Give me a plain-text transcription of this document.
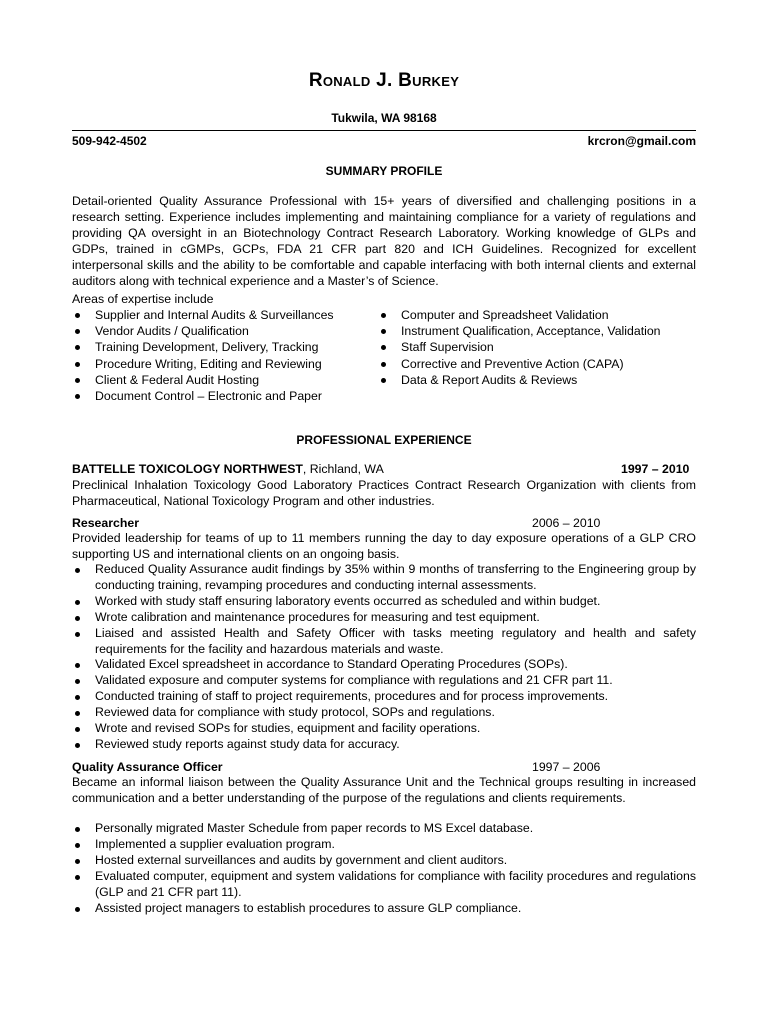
Ronald J. Burkey
Tukwila, WA 98168
509-942-4502	krcron@gmail.com
SUMMARY PROFILE
Detail-oriented Quality Assurance Professional with 15+ years of diversified and challenging positions in a research setting. Experience includes implementing and maintaining compliance for a variety of regulations and providing QA oversight in an Biotechnology Contract Research Laboratory. Working knowledge of GLPs and GDPs, trained in cGMPs, GCPs, FDA 21 CFR part 820 and ICH Guidelines. Recognized for excellent interpersonal skills and the ability to be comfortable and capable interfacing with both internal clients and external auditors along with technical experience and a Master’s of Science.
Areas of expertise include
Supplier and Internal Audits & Surveillances
Vendor Audits / Qualification
Training Development, Delivery, Tracking
Procedure Writing, Editing and Reviewing
Client & Federal Audit Hosting
Document Control – Electronic and Paper
Computer and Spreadsheet Validation
Instrument Qualification, Acceptance, Validation
Staff Supervision
Corrective and Preventive Action (CAPA)
Data & Report Audits & Reviews
PROFESSIONAL EXPERIENCE
BATTELLE TOXICOLOGY NORTHWEST, Richland, WA	1997 – 2010
Preclinical Inhalation Toxicology Good Laboratory Practices Contract Research Organization with clients from Pharmaceutical, National Toxicology Program and other industries.
Researcher	2006 – 2010
Provided leadership for teams of up to 11 members running the day to day exposure operations of a GLP CRO supporting US and international clients on an ongoing basis.
Reduced Quality Assurance audit findings by 35% within 9 months of transferring to the Engineering group by conducting training, revamping procedures and conducting internal assessments.
Worked with study staff ensuring laboratory events occurred as scheduled and within budget.
Wrote calibration and maintenance procedures for measuring and test equipment.
Liaised and assisted Health and Safety Officer with tasks meeting regulatory and health and safety requirements for the facility and hazardous materials and waste.
Validated Excel spreadsheet in accordance to Standard Operating Procedures (SOPs).
Validated exposure and computer systems for compliance with regulations and 21 CFR part 11.
Conducted training of staff to project requirements, procedures and for process improvements.
Reviewed data for compliance with study protocol, SOPs and regulations.
Wrote and revised SOPs for studies, equipment and facility operations.
Reviewed study reports against study data for accuracy.
Quality Assurance Officer	1997 – 2006
Became an informal liaison between the Quality Assurance Unit and the Technical groups resulting in increased communication and a better understanding of the purpose of the regulations and clients requirements.
Personally migrated Master Schedule from paper records to MS Excel database.
Implemented a supplier evaluation program.
Hosted external surveillances and audits by government and client auditors.
Evaluated computer, equipment and system validations for compliance with facility procedures and regulations (GLP and 21 CFR part 11).
Assisted project managers to establish procedures to assure GLP compliance.
